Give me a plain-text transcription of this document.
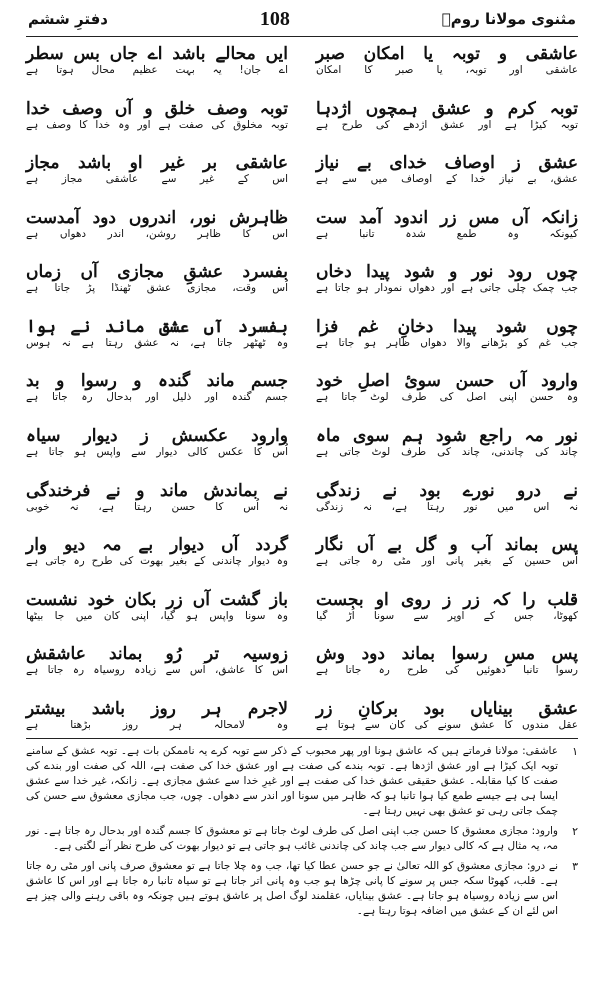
دفترِ ششم	108	مثنوی مولانا رومؒ
عاشقی و توبہ یا امکان صبر
عاشقی اور توبہ، یا صبر کا امکان
توبہ کرم و عشق ہمچوں اژدہا
توبہ کیڑا ہے اور عشق اژدھے کی طرح ہے
عشق ز اوصاف خدای بے نیاز
عشق، بے نیاز خدا کے اوصاف میں سے ہے
زانکہ آں مس زر اندود آمد ست
کیونکہ وہ طمع شدہ تانبا ہے
چوں رود نور و شود پیدا دخاں
جب چمک چلی جاتی ہے اور دھواں نمودار ہو جاتا ہے
چوں شود پیدا دخانِ غم فزا
جب غم کو بڑھانے والا دھواں ظاہر ہو جاتا ہے
وارود آں حسن سوئ اصلِ خود
وہ حسن اپنی اصل کی طرف لوٹ جاتا ہے
نور مہ راجع شود ہم سوی ماہ
چاند کی چاندنی، چاند کی طرف لوٹ جاتی ہے
نے درو نورے بود نے زندگی
نہ اس میں نور رہتا ہے، نہ زندگی
پس بماند آب و گل بے آں نگار
اُس حسین کے بغیر پانی اور مٹی رہ جاتی ہے
قلب را کہ زر ز روی او بجست
کھوٹا، جس کے اوپر سے سونا اُڑ گیا
پس مسِ رسوا بماند دود وش
رسوا تانبا دھوئیں کی طرح رہ جاتا ہے
عشق بینایاں بود برکانِ زر
عقل مندوں کا عشق سونے کی کان سے ہوتا ہے
ایں محالے باشد اے جاں بس سطر
اے جان! یہ بہت عظیم محال ہوتا ہے
توبہ وصف خلق و آں وصف خدا
توبہ مخلوق کی صفت ہے اور وہ خدا کا وصف ہے
عاشقی بر غیر او باشد مجاز
اس کے غیر سے عاشقی مجاز ہے
ظاہرش نور، اندروں دود آمدست
اس کا ظاہر روشن، اندر دھواں ہے
بفسرد عشقِ مجازی آں زماں
اُس وقت، مجازی عشق ٹھنڈا پڑ جاتا ہے
بفسرد آں عشق ماند نے ہوا
وہ ٹھٹھر جاتا ہے، نہ عشق رہتا ہے نہ ہوس
جسم ماند گندہ و رسوا و بد
جسم گندہ اور ذلیل اور بدحال رہ جاتا ہے
وارود عکسش ز دیوار سیاہ
اُس کا عکس کالی دیوار سے واپس ہو جاتا ہے
نے بماندش ماند و نے فرخندگی
نہ اُس کا حسن رہتا ہے، نہ خوبی
گردد آں دیوار بے مہ دیو وار
وہ دیوار چاندنی کے بغیر بھوت کی طرح رہ جاتی ہے
باز گشت آں زر بکان خود نشست
وہ سونا واپس ہو گیا، اپنی کان میں جا بیٹھا
زوسیہ تر رُو بماند عاشقش
اس کا عاشق، اُس سے زیادہ روسیاہ رہ جاتا ہے
لاجرم ہر روز باشد بیشتر
وہ لامحالہ ہر روز بڑھتا ہے
۱
عاشقی: مولانا فرماتے ہیں کہ عاشق ہونا اور پھر محبوب کے ذکر سے توبہ کرے یہ ناممکن بات ہے۔ توبہ عشق کے سامنے توبہ ایک کیڑا ہے اور عشق اژدھا ہے۔ توبہ بندے کی صفت ہے اور عشق خدا کی صفت ہے، اللہ کی صفت اور بندے کی صفت کا کیا مقابلہ۔ عشق حقیقی عشق خدا کی صفت ہے اور غیرِ خدا سے عشق مجازی ہے۔ زانکہ، غیر خدا سے عشق ایسا ہی ہے جیسے طمع کیا ہوا تانبا ہو کہ ظاہر میں سونا اور اندر سے دھواں۔ چوں، جب مجازی معشوق سے حسن کی چمک جاتی رہی تو عشق بھی نہیں رہتا ہے۔
۲
وارود: مجازی معشوق کا حسن جب اپنی اصل کی طرف لوٹ جاتا ہے تو معشوق کا جسم گندہ اور بدحال رہ جاتا ہے۔ نور مہ، یہ مثال ہے کہ کالی دیوار سے جب چاند کی چاندنی غائب ہو جاتی ہے تو دیوار بھوت کی طرح نظر آنے لگتی ہے۔
۳
نے درو: مجازی معشوق کو اللہ تعالیٰ نے جو حسن عطا کیا تھا، جب وہ چلا جاتا ہے تو معشوق صرف پانی اور مٹی رہ جاتا ہے۔ قلب، کھوٹا سکہ جس پر سونے کا پانی چڑھا ہو جب وہ پانی اتر جاتا ہے تو سیاہ تانبا رہ جاتا ہے اور اس کا عاشق اس سے زیادہ روسیاہ ہو جاتا ہے۔ عشق بینایاں، عقلمند لوگ اصل پر عاشق ہوتے ہیں چونکہ وہ باقی رہنے والی چیز ہے اس لئے ان کے عشق میں اضافہ ہوتا رہتا ہے۔
